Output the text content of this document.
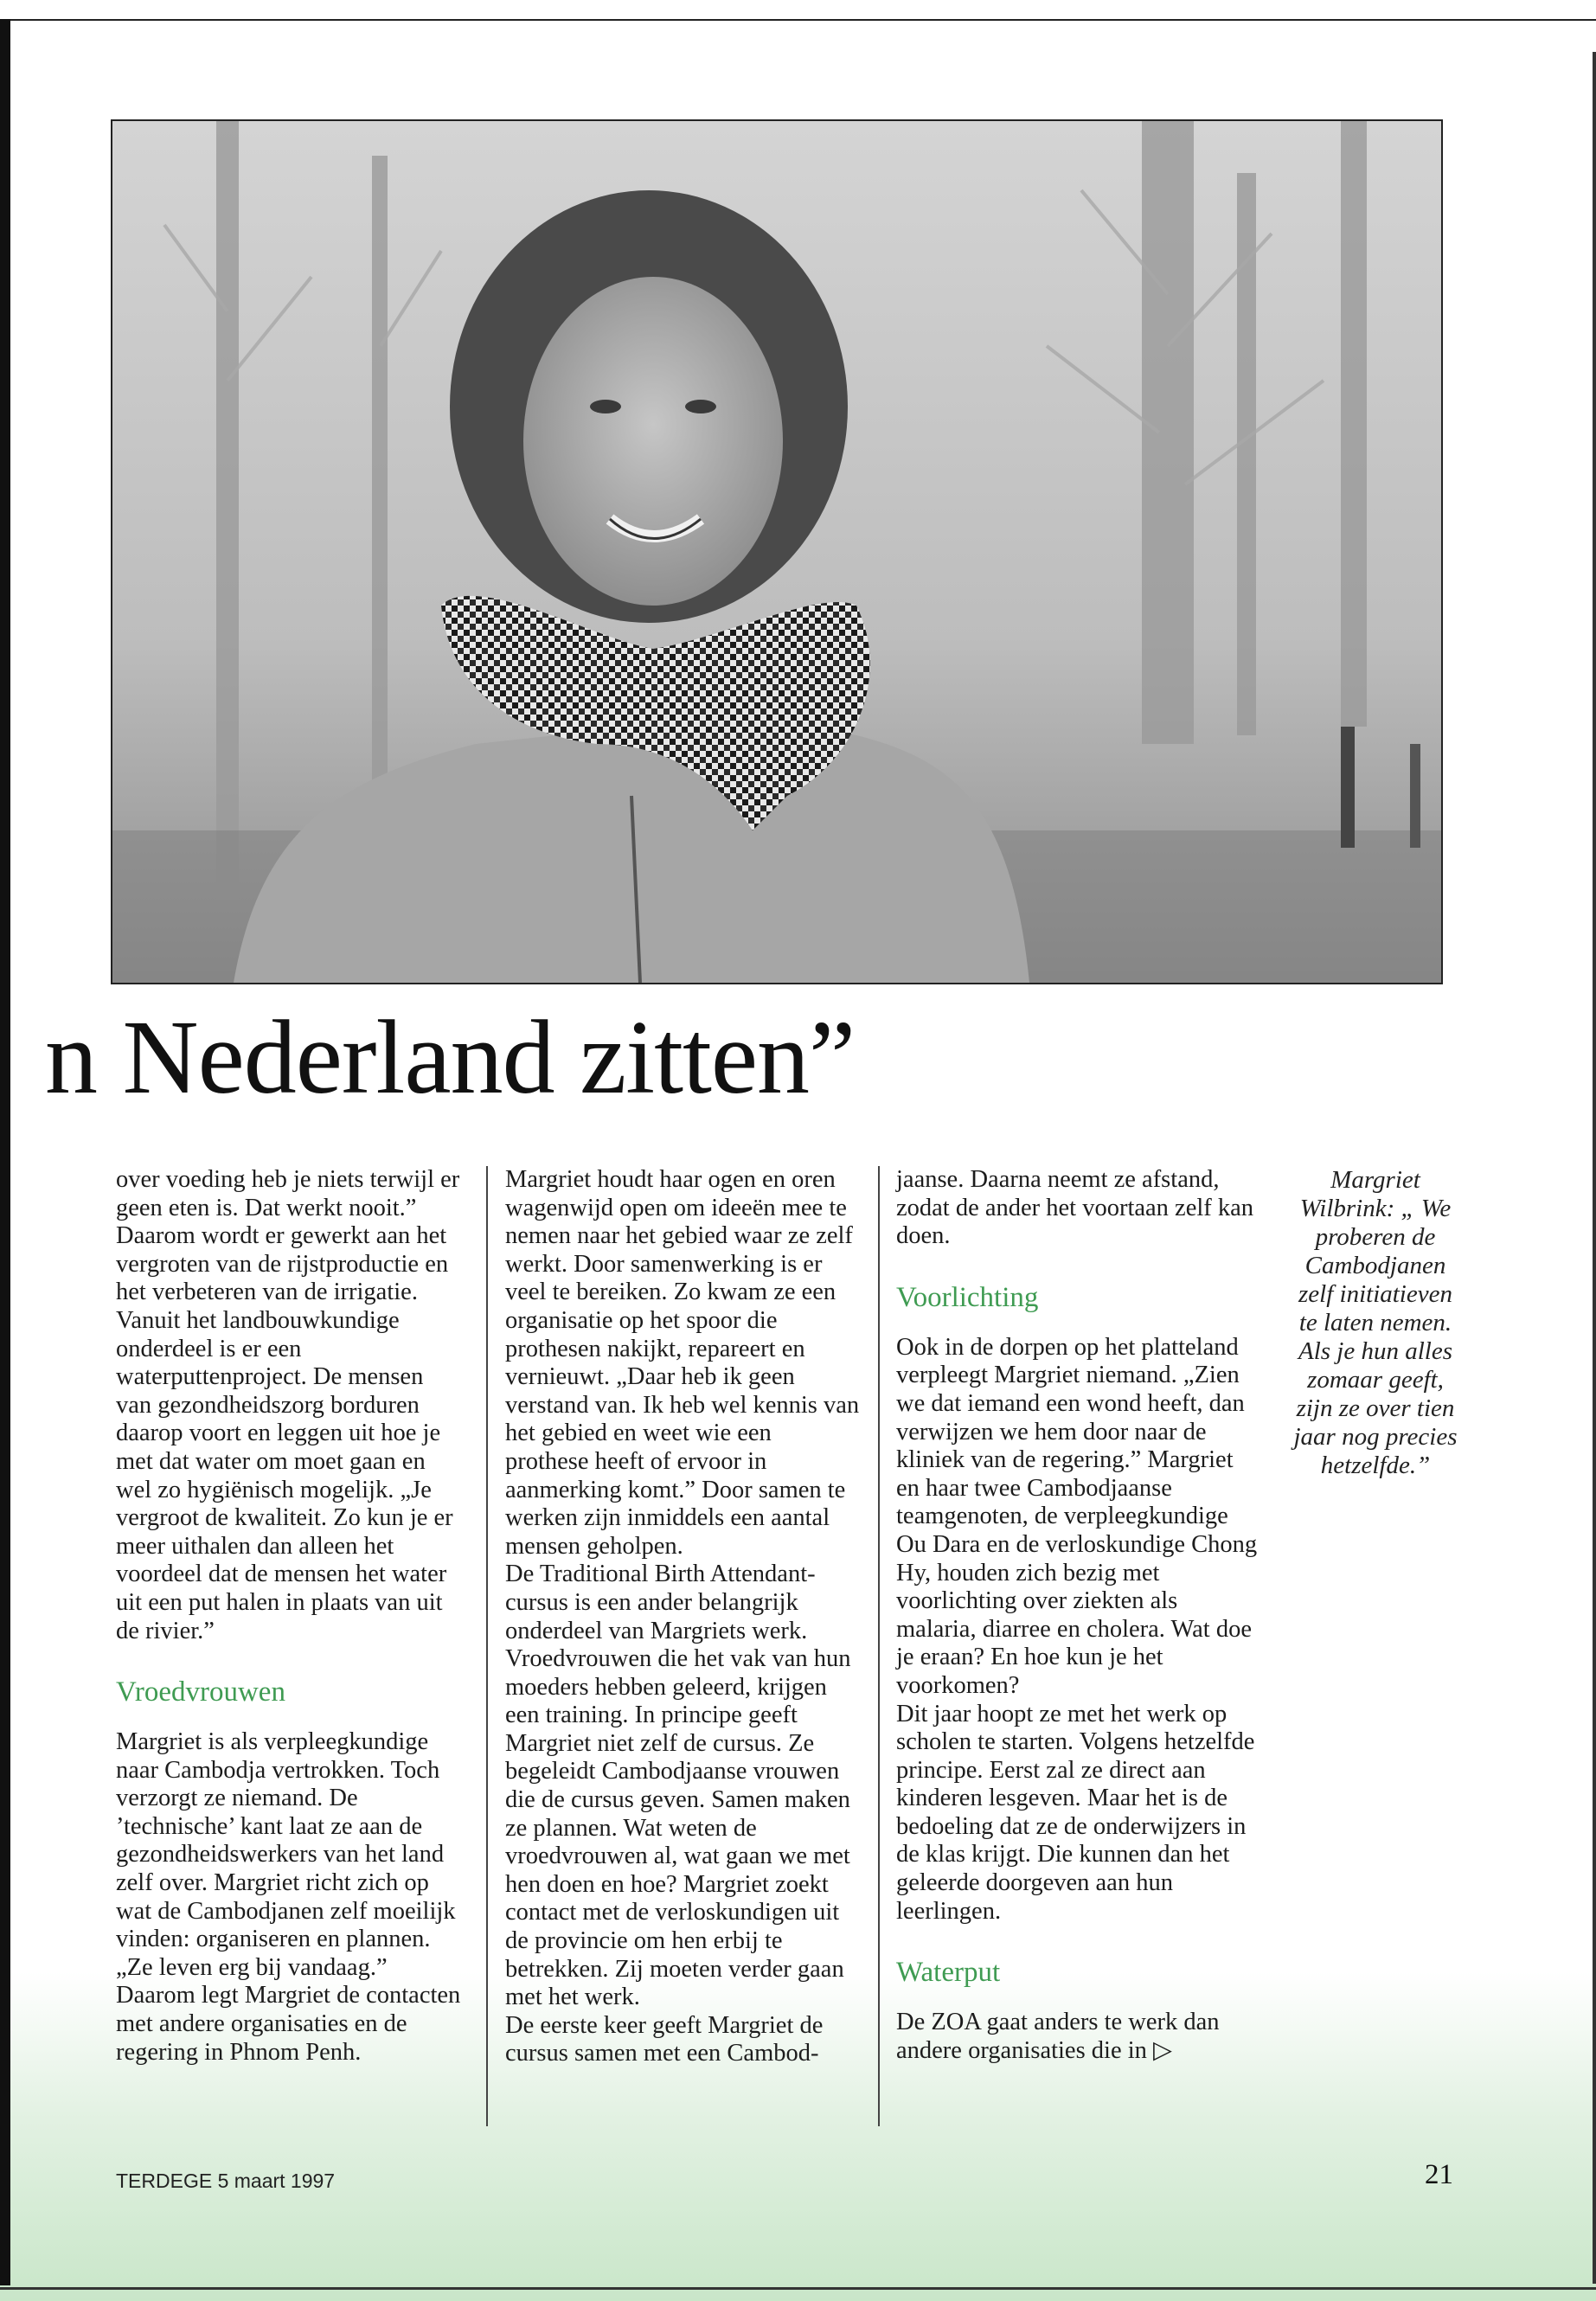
n Nederland zitten”

over voeding heb je niets terwijl er geen eten is. Dat werkt nooit.” Daarom wordt er gewerkt aan het vergroten van de rijstproductie en het verbeteren van de irrigatie.

Vanuit het landbouwkundige onderdeel is er een waterputtenproject. De mensen van gezondheidszorg borduren daarop voort en leggen uit hoe je met dat water om moet gaan en wel zo hygiënisch mogelijk. „Je vergroot de kwaliteit. Zo kun je er meer uithalen dan alleen het voordeel dat de mensen het water uit een put halen in plaats van uit de rivier.”

Vroedvrouwen

Margriet is als verpleegkundige naar Cambodja vertrokken. Toch verzorgt ze niemand. De ’technische’ kant laat ze aan de gezondheidswerkers van het land zelf over. Margriet richt zich op wat de Cambodjanen zelf moeilijk vinden: organiseren en plannen. „Ze leven erg bij vandaag.” Daarom legt Margriet de contacten met andere organisaties en de regering in Phnom Penh.

Margriet houdt haar ogen en oren wagenwijd open om ideeën mee te nemen naar het gebied waar ze zelf werkt. Door samenwerking is er veel te bereiken. Zo kwam ze een organisatie op het spoor die prothesen nakijkt, repareert en vernieuwt. „Daar heb ik geen verstand van. Ik heb wel kennis van het gebied en weet wie een prothese heeft of ervoor in aanmerking komt.” Door samen te werken zijn inmiddels een aantal mensen geholpen.

De Traditional Birth Attendant-cursus is een ander belangrijk onderdeel van Margriets werk. Vroedvrouwen die het vak van hun moeders hebben geleerd, krijgen een training. In principe geeft Margriet niet zelf de cursus. Ze begeleidt Cambodjaanse vrouwen die de cursus geven. Samen maken ze plannen. Wat weten de vroedvrouwen al, wat gaan we met hen doen en hoe? Margriet zoekt contact met de verloskundigen uit de provincie om hen erbij te betrekken. Zij moeten verder gaan met het werk.

De eerste keer geeft Margriet de cursus samen met een Cambod-

jaanse. Daarna neemt ze afstand, zodat de ander het voortaan zelf kan doen.

Voorlichting

Ook in de dorpen op het platteland verpleegt Margriet niemand. „Zien we dat iemand een wond heeft, dan verwijzen we hem door naar de kliniek van de regering.” Margriet en haar twee Cambodjaanse teamgenoten, de verpleegkundige Ou Dara en de verloskundige Chong Hy, houden zich bezig met voorlichting over ziekten als malaria, diarree en cholera. Wat doe je eraan? En hoe kun je het voorkomen?

Dit jaar hoopt ze met het werk op scholen te starten. Volgens hetzelfde principe. Eerst zal ze direct aan kinderen lesgeven. Maar het is de bedoeling dat ze de onderwijzers in de klas krijgt. Die kunnen dan het geleerde doorgeven aan hun leerlingen.

Waterput

De ZOA gaat anders te werk dan andere organisaties die in ▷

Margriet Wilbrink: „ We proberen de Cambodjanen zelf initiatieven te laten nemen. Als je hun alles zomaar geeft, zijn ze over tien jaar nog precies hetzelfde.”
TERDEGE 5 maart 1997	21
